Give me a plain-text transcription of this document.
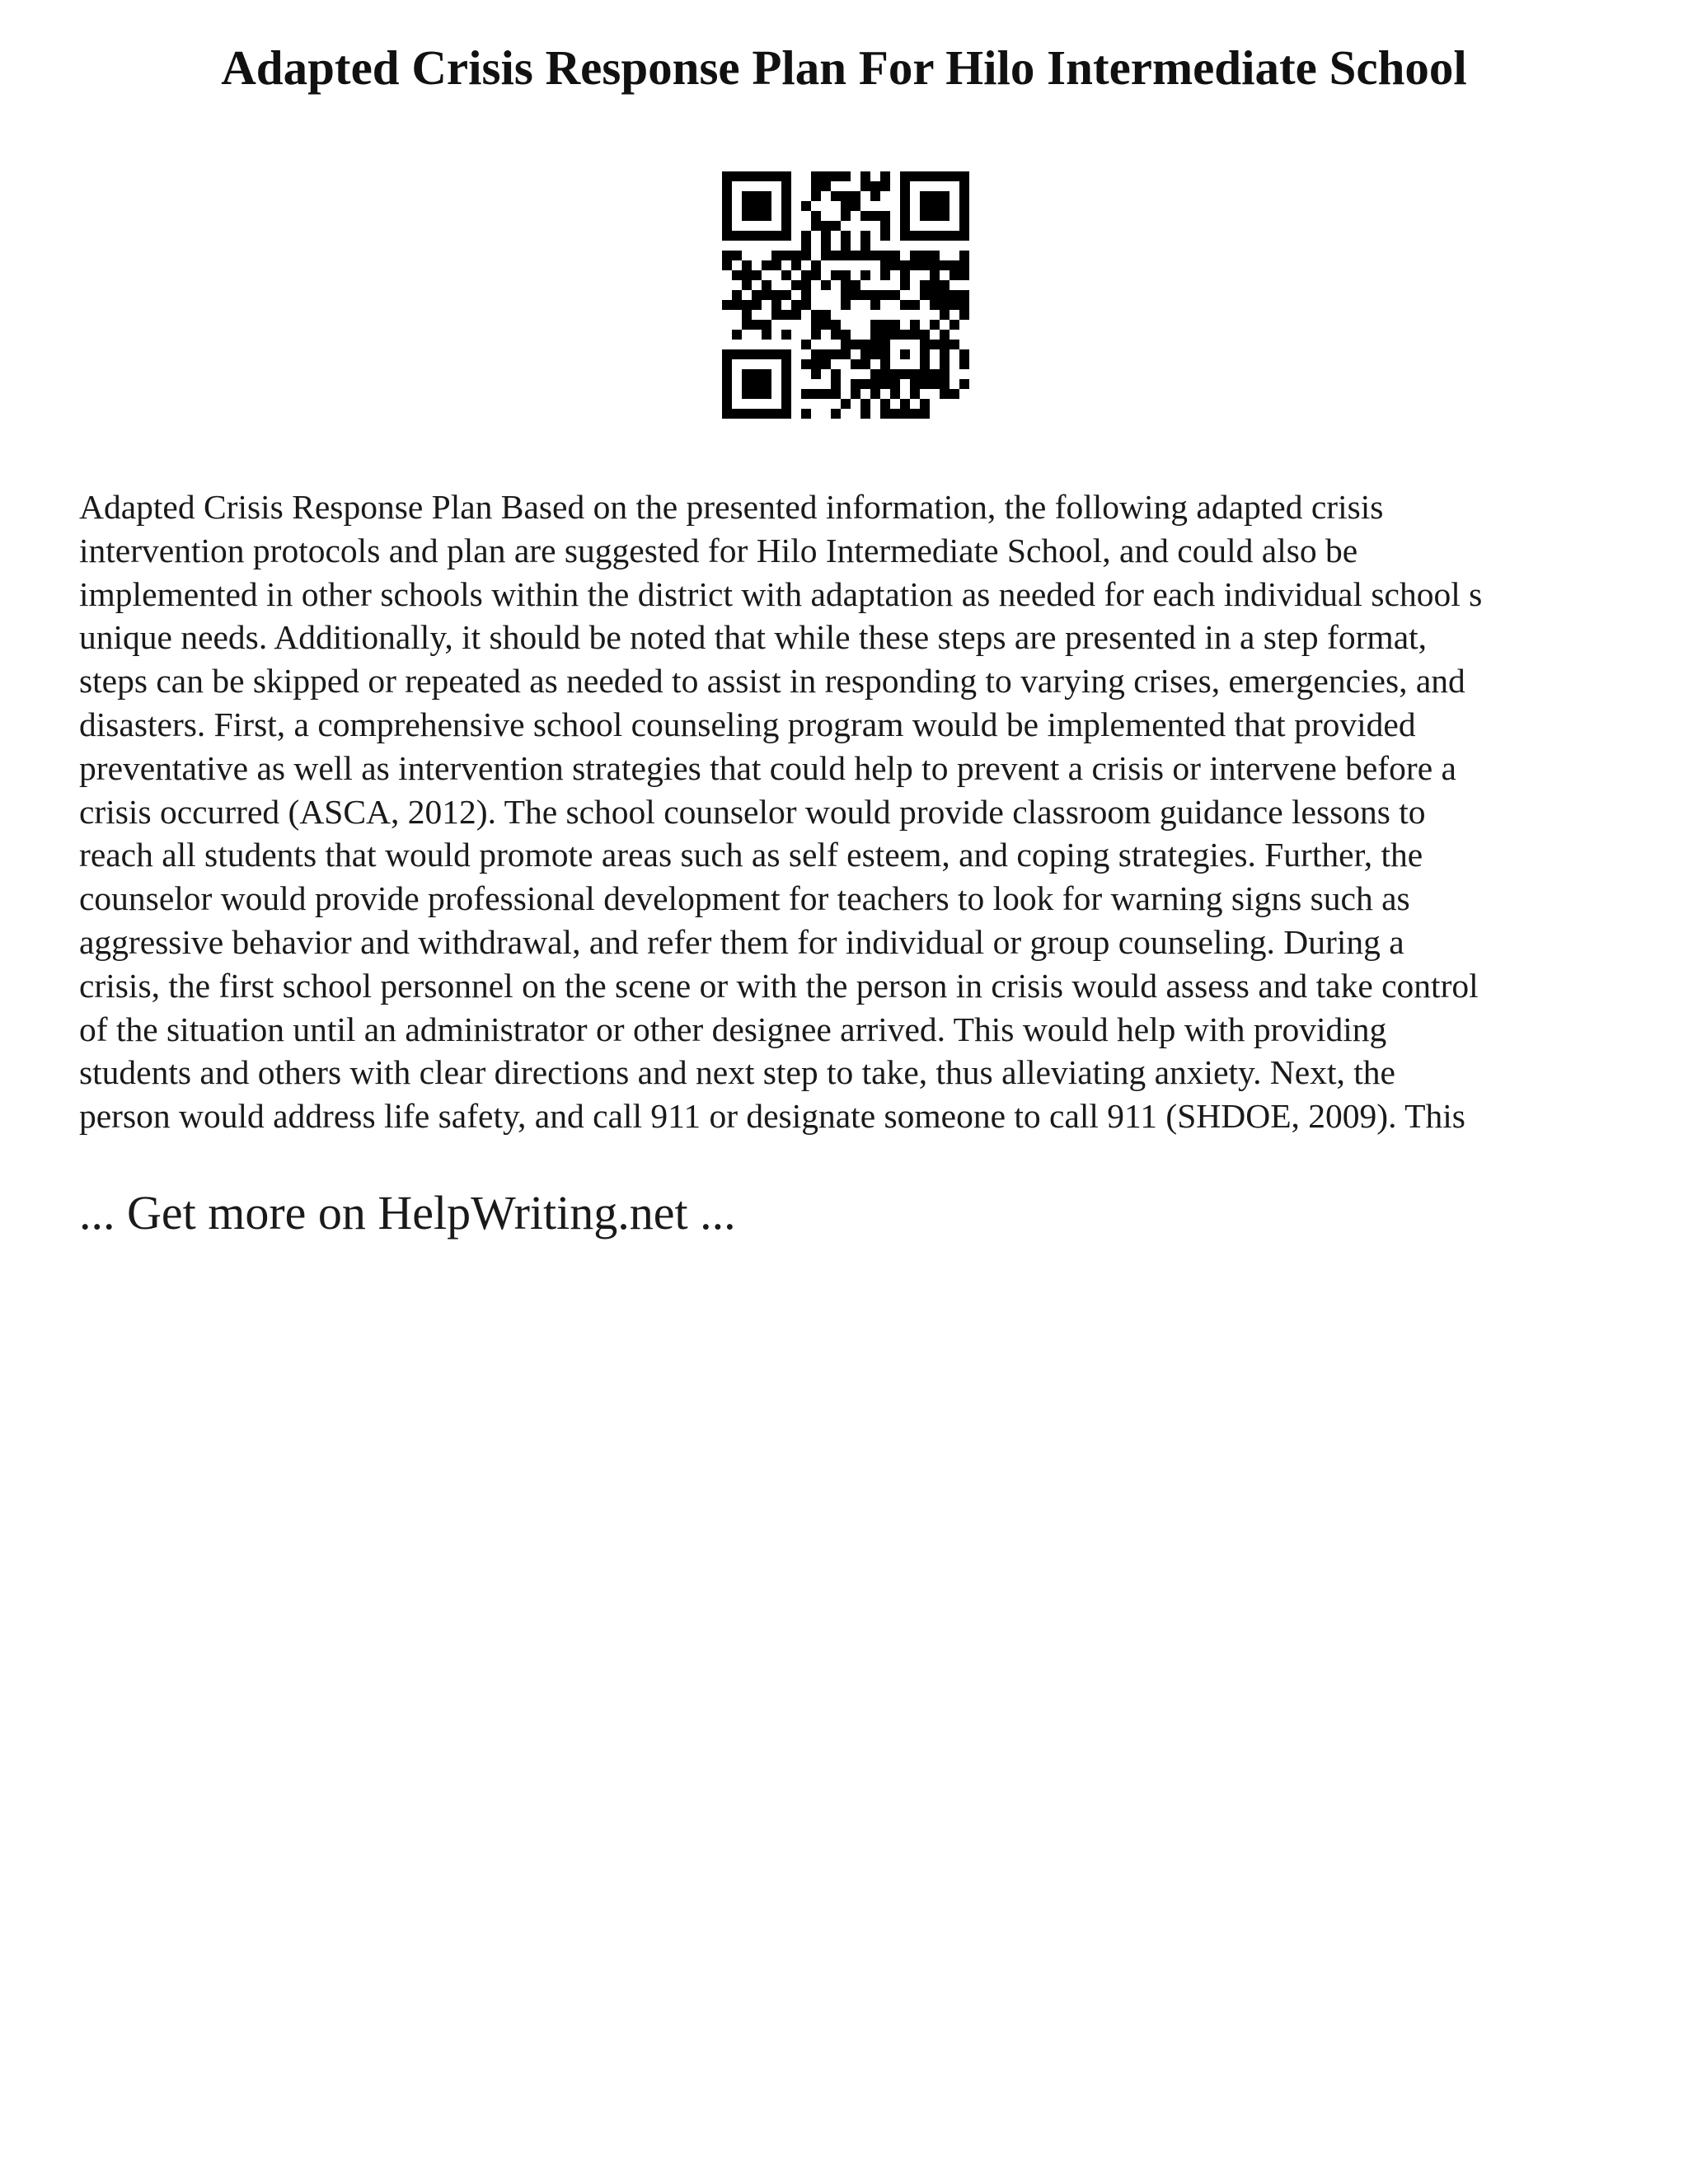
Adapted Crisis Response Plan For Hilo Intermediate School
Adapted Crisis Response Plan Based on the presented information, the following adapted crisis
intervention protocols and plan are suggested for Hilo Intermediate School, and could also be
implemented in other schools within the district with adaptation as needed for each individual school s
unique needs. Additionally, it should be noted that while these steps are presented in a step format,
steps can be skipped or repeated as needed to assist in responding to varying crises, emergencies, and
disasters. First, a comprehensive school counseling program would be implemented that provided
preventative as well as intervention strategies that could help to prevent a crisis or intervene before a
crisis occurred (ASCA, 2012). The school counselor would provide classroom guidance lessons to
reach all students that would promote areas such as self esteem, and coping strategies. Further, the
counselor would provide professional development for teachers to look for warning signs such as
aggressive behavior and withdrawal, and refer them for individual or group counseling. During a
crisis, the first school personnel on the scene or with the person in crisis would assess and take control
of the situation until an administrator or other designee arrived. This would help with providing
students and others with clear directions and next step to take, thus alleviating anxiety. Next, the
person would address life safety, and call 911 or designate someone to call 911 (SHDOE, 2009). This
... Get more on HelpWriting.net ...
